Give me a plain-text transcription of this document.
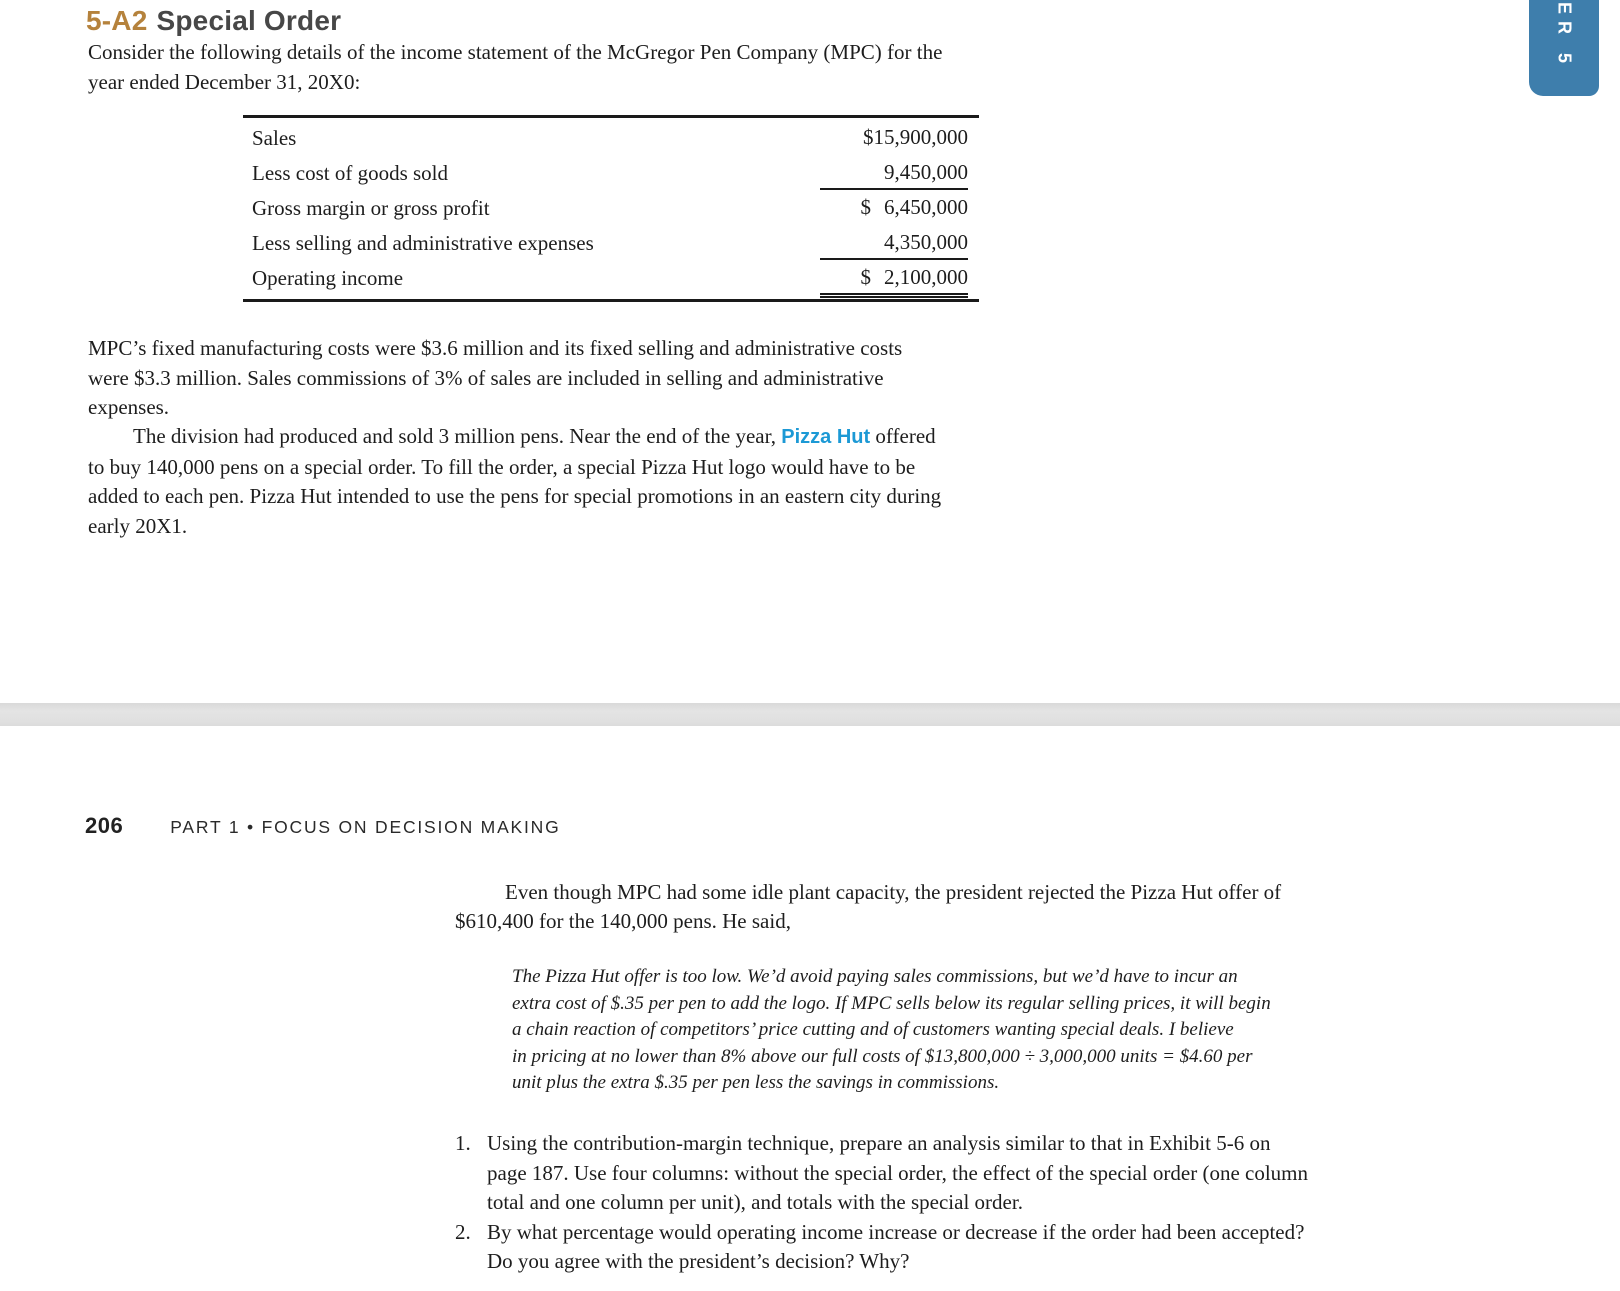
ER 5
5-A2 Special Order
Consider the following details of the income statement of the McGregor Pen Company (MPC) for the
year ended December 31, 20X0:
Sales	$15,900,000
Less cost of goods sold	9,450,000
Gross margin or gross profit	$ 6,450,000
Less selling and administrative expenses	4,350,000
Operating income	$ 2,100,000
MPC’s fixed manufacturing costs were $3.6 million and its fixed selling and administrative costs
were $3.3 million. Sales commissions of 3% of sales are included in selling and administrative
expenses.
The division had produced and sold 3 million pens. Near the end of the year, Pizza Hut offered
to buy 140,000 pens on a special order. To fill the order, a special Pizza Hut logo would have to be
added to each pen. Pizza Hut intended to use the pens for special promotions in an eastern city during
early 20X1.
206	PART 1 • FOCUS ON DECISION MAKING
Even though MPC had some idle plant capacity, the president rejected the Pizza Hut offer of
$610,400 for the 140,000 pens. He said,
The Pizza Hut offer is too low. We’d avoid paying sales commissions, but we’d have to incur an
extra cost of $.35 per pen to add the logo. If MPC sells below its regular selling prices, it will begin
a chain reaction of competitors’ price cutting and of customers wanting special deals. I believe
in pricing at no lower than 8% above our full costs of $13,800,000 ÷ 3,000,000 units = $4.60 per
unit plus the extra $.35 per pen less the savings in commissions.
1.
2.
Using the contribution-margin technique, prepare an analysis similar to that in Exhibit 5-6 on
page 187. Use four columns: without the special order, the effect of the special order (one column
total and one column per unit), and totals with the special order.
By what percentage would operating income increase or decrease if the order had been accepted?
Do you agree with the president’s decision? Why?
